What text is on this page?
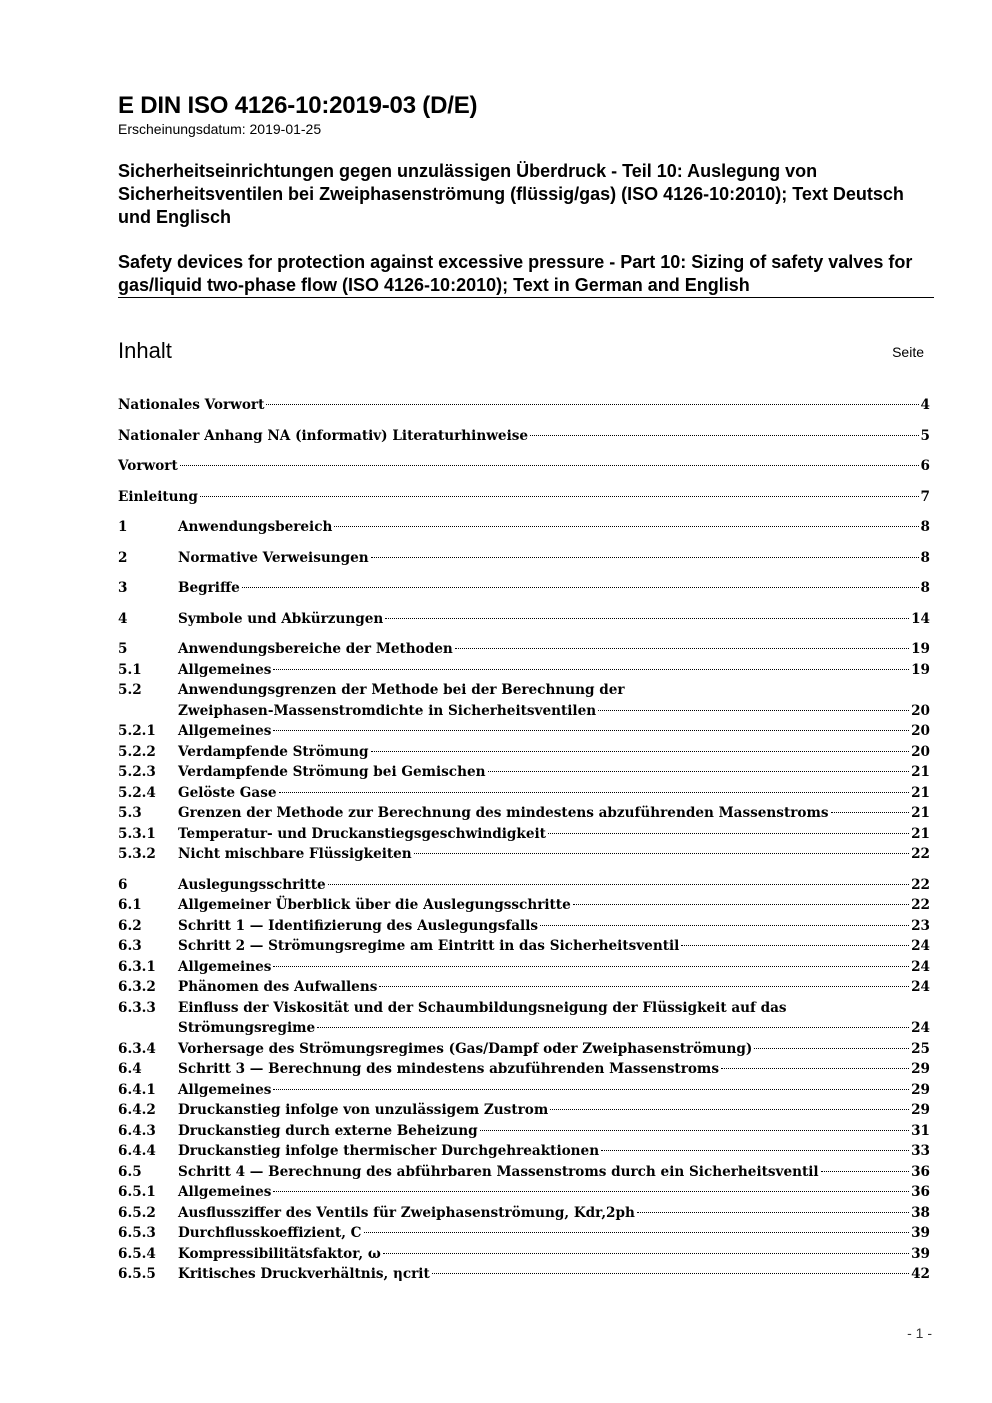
E DIN ISO 4126-10:2019-03 (D/E)
Erscheinungsdatum: 2019-01-25
Sicherheitseinrichtungen gegen unzulässigen Überdruck - Teil 10: Auslegung von Sicherheitsventilen bei Zweiphasenströmung (flüssig/gas) (ISO 4126-10:2010); Text Deutsch und Englisch
Safety devices for protection against excessive pressure - Part 10: Sizing of safety valves for gas/liquid two-phase flow (ISO 4126-10:2010); Text in German and English
Inhalt	Seite
Nationales Vorwort	4
Nationaler Anhang NA (informativ) Literaturhinweise	5
Vorwort	6
Einleitung	7
1	Anwendungsbereich	8
2	Normative Verweisungen	8
3	Begriffe	8
4	Symbole und Abkürzungen	14
5	Anwendungsbereiche der Methoden	19
5.1	Allgemeines	19
5.2	Anwendungsgrenzen der Methode bei der Berechnung der
Zweiphasen-Massenstromdichte in Sicherheitsventilen	20
5.2.1	Allgemeines	20
5.2.2	Verdampfende Strömung	20
5.2.3	Verdampfende Strömung bei Gemischen	21
5.2.4	Gelöste Gase	21
5.3	Grenzen der Methode zur Berechnung des mindestens abzuführenden Massenstroms	21
5.3.1	Temperatur- und Druckanstiegsgeschwindigkeit	21
5.3.2	Nicht mischbare Flüssigkeiten	22
6	Auslegungsschritte	22
6.1	Allgemeiner Überblick über die Auslegungsschritte	22
6.2	Schritt 1 — Identifizierung des Auslegungsfalls	23
6.3	Schritt 2 — Strömungsregime am Eintritt in das Sicherheitsventil	24
6.3.1	Allgemeines	24
6.3.2	Phänomen des Aufwallens	24
6.3.3	Einfluss der Viskosität und der Schaumbildungsneigung der Flüssigkeit auf das
Strömungsregime	24
6.3.4	Vorhersage des Strömungsregimes (Gas/Dampf oder Zweiphasenströmung)	25
6.4	Schritt 3 — Berechnung des mindestens abzuführenden Massenstroms	29
6.4.1	Allgemeines	29
6.4.2	Druckanstieg infolge von unzulässigem Zustrom	29
6.4.3	Druckanstieg durch externe Beheizung	31
6.4.4	Druckanstieg infolge thermischer Durchgehreaktionen	33
6.5	Schritt 4 — Berechnung des abführbaren Massenstroms durch ein Sicherheitsventil	36
6.5.1	Allgemeines	36
6.5.2	Ausflussziffer des Ventils für Zweiphasenströmung, Kdr,2ph	38
6.5.3	Durchflusskoeffizient, C	39
6.5.4	Kompressibilitätsfaktor, ω	39
6.5.5	Kritisches Druckverhältnis, ηcrit	42
- 1 -
